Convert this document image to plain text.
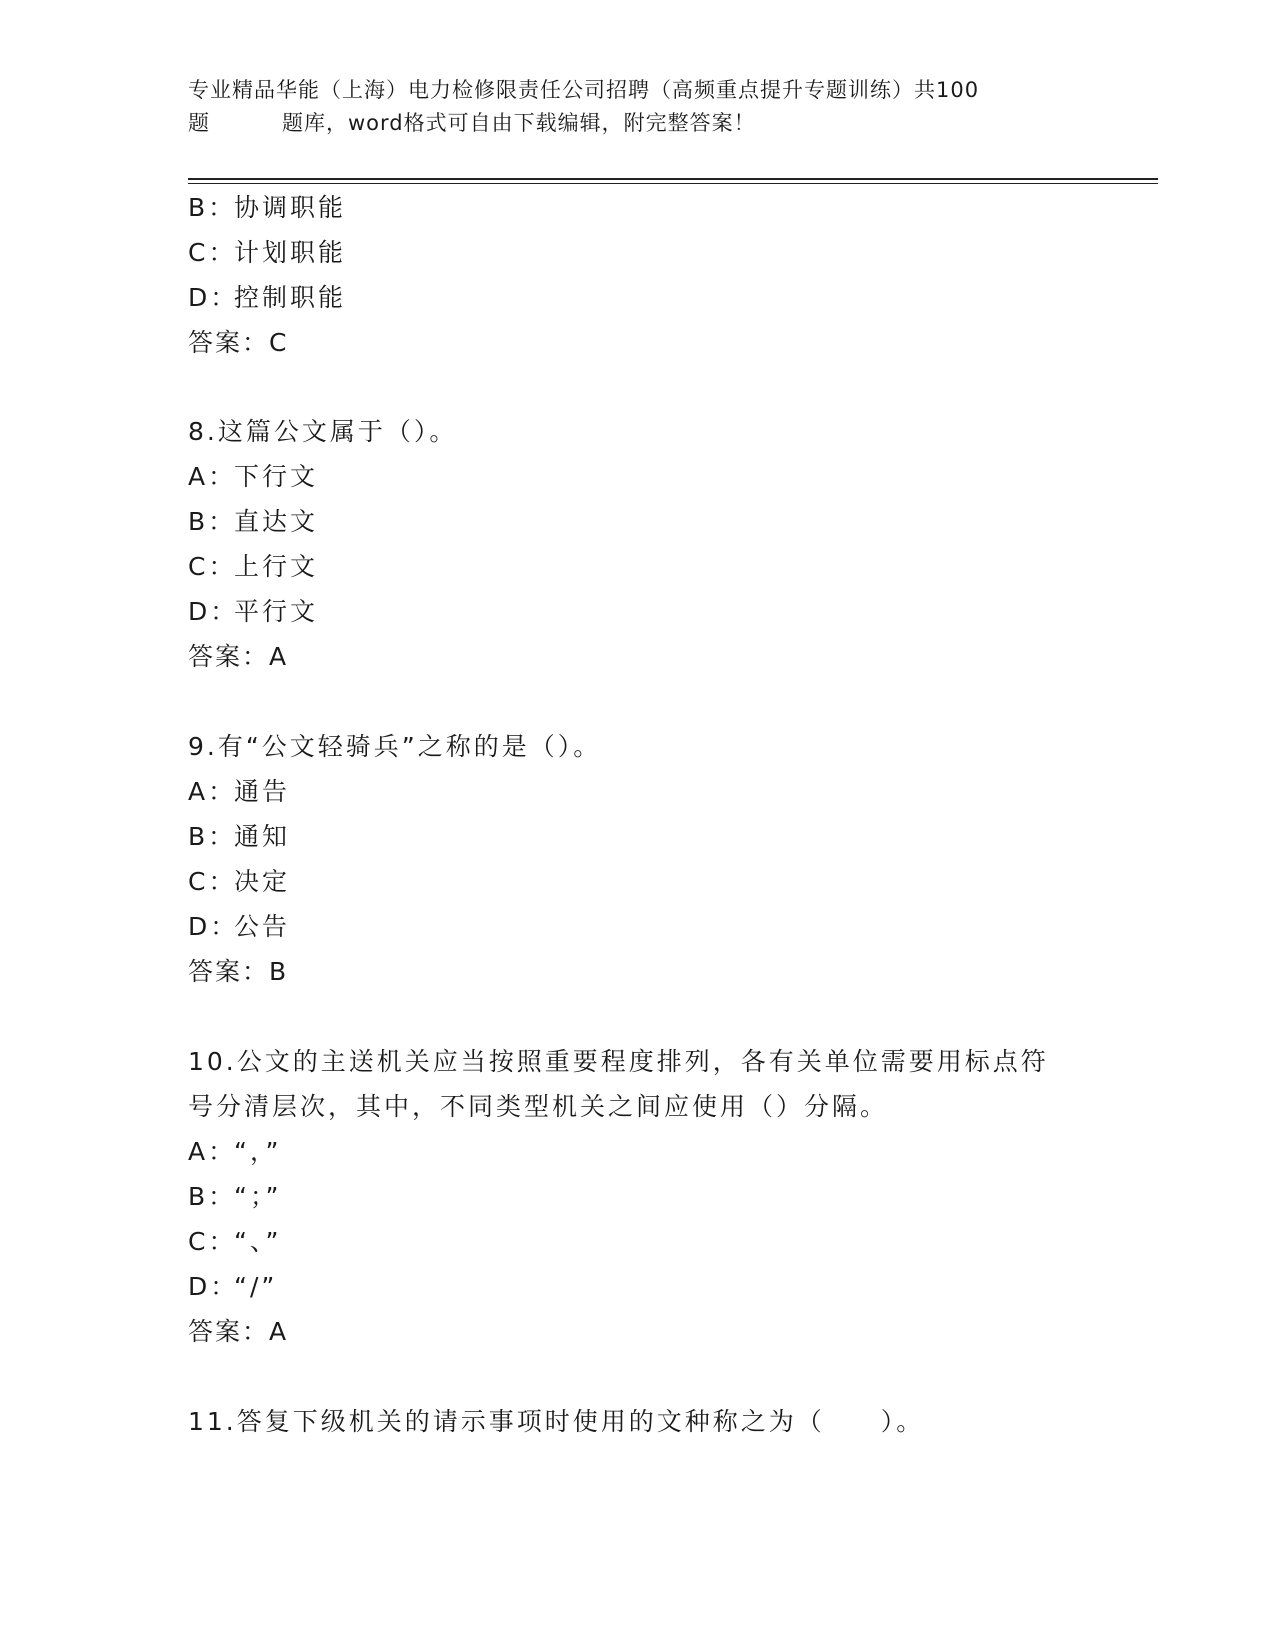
专业精品华能（上海）电力检修限责任公司招聘（高频重点提升专题训练）共100
题	题库，word格式可自由下载编辑，附完整答案！
B：协调职能
C：计划职能
D：控制职能
答案：C
8.这篇公文属于（）。
A：下行文
B：直达文
C：上行文
D：平行文
答案：A
9.有“公文轻骑兵”之称的是（）。
A：通告
B：通知
C：决定
D：公告
答案：B
10.公文的主送机关应当按照重要程度排列，各有关单位需要用标点符
号分清层次，其中，不同类型机关之间应使用（）分隔。
A：“，”
B：“；”
C：“、”
D：“/”
答案：A
11.答复下级机关的请示事项时使用的文种称之为（　　）。
